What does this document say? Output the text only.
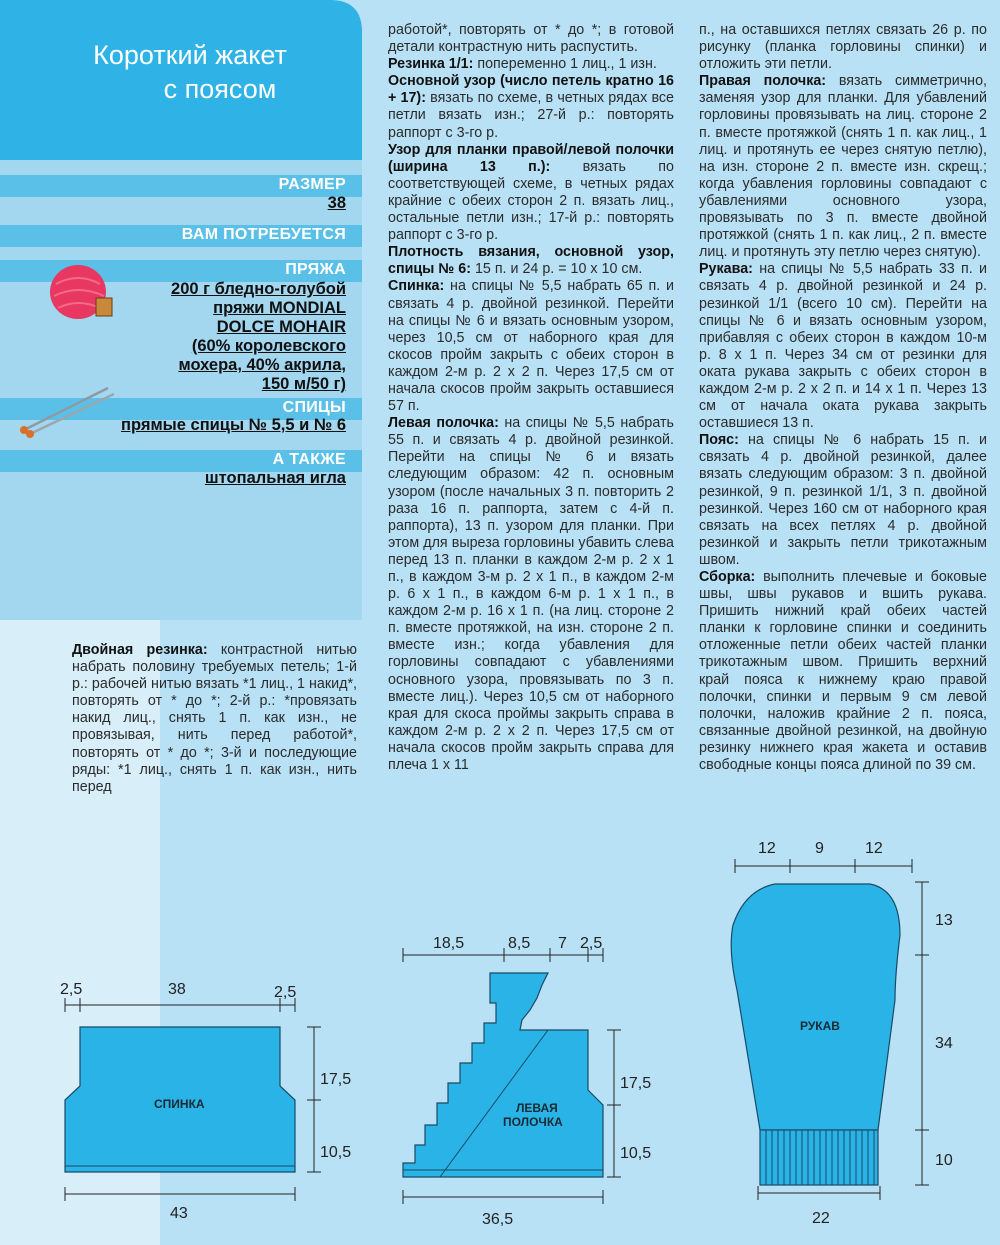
Короткий жакет
с поясом
РАЗМЕР
38
ВАМ ПОТРЕБУЕТСЯ
ПРЯЖА
200 г бледно-голубой
пряжи MONDIAL
DOLCE MOHAIR
(60% королевского
мохера, 40% акрила,
150 м/50 г)
СПИЦЫ
прямые спицы № 5,5 и № 6
А ТАКЖЕ
штопальная игла

Двойная резинка: контрастной нитью набрать половину требуемых петель; 1-й р.: рабочей нитью вязать *1 лиц., 1 накид*, повторять от * до *; 2-й р.: *провязать накид лиц., снять 1 п. как изн., не провязывая, нить перед работой*, повторять от * до *; 3-й и последующие ряды: *1 лиц., снять 1 п. как изн., нить перед

работой*, повторять от * до *; в готовой детали контрастную нить распустить.

Резинка 1/1: попеременно 1 лиц., 1 изн.

Основной узор (число петель кратно 16 + 17): вязать по схеме, в четных рядах все петли вязать изн.; 27-й р.: повторять раппорт с 3-го р.

Узор для планки правой/левой полочки (ширина 13 п.): вязать по соответствующей схеме, в четных рядах крайние с обеих сторон 2 п. вязать лиц., остальные петли изн.; 17-й р.: повторять раппорт с 3-го р.

Плотность вязания, основной узор, спицы № 6: 15 п. и 24 р. = 10 x 10 см.

Спинка: на спицы № 5,5 набрать 65 п. и связать 4 р. двойной резинкой. Перейти на спицы № 6 и вязать основным узором, через 10,5 см от наборного края для скосов пройм закрыть с обеих сторон в каждом 2-м р. 2 x 2 п. Через 17,5 см от начала скосов пройм закрыть оставшиеся 57 п.

Левая полочка: на спицы № 5,5 набрать 55 п. и связать 4 р. двойной резинкой. Перейти на спицы № 6 и вязать следующим образом: 42 п. основным узором (после начальных 3 п. повторить 2 раза 16 п. раппорта, затем с 4-й п. раппорта), 13 п. узором для планки. При этом для выреза горловины убавить слева перед 13 п. планки в каждом 2-м р. 2 x 1 п., в каждом 3-м р. 2 x 1 п., в каждом 2-м р. 6 x 1 п., в каждом 6-м р. 1 x 1 п., в каждом 2-м р. 16 x 1 п. (на лиц. стороне 2 п. вместе протяжкой, на изн. стороне 2 п. вместе изн.; когда убавления для горловины совпадают с убавлениями основного узора, провязывать по 3 п. вместе лиц.). Через 10,5 см от наборного края для скоса проймы закрыть справа в каждом 2-м р. 2 x 2 п. Через 17,5 см от начала скосов пройм закрыть справа для плеча 1 x 11

п., на оставшихся петлях связать 26 р. по рисунку (планка горловины спинки) и отложить эти петли.

Правая полочка: вязать симметрично, заменяя узор для планки. Для убавлений горловины провязывать на лиц. стороне 2 п. вместе протяжкой (снять 1 п. как лиц., 1 лиц. и протянуть ее через снятую петлю), на изн. стороне 2 п. вместе изн. скрещ.; когда убавления горловины совпадают с убавлениями основного узора, провязывать по 3 п. вместе двойной протяжкой (снять 1 п. как лиц., 2 п. вместе лиц. и протянуть эту петлю через снятую).

Рукава: на спицы № 5,5 набрать 33 п. и связать 4 р. двойной резинкой и 24 р. резинкой 1/1 (всего 10 см). Перейти на спицы № 6 и вязать основным узором, прибавляя с обеих сторон в каждом 10-м р. 8 x 1 п. Через 34 см от резинки для оката рукава закрыть с обеих сторон в каждом 2-м р. 2 x 2 п. и 14 x 1 п. Через 13 см от начала оката рукава закрыть оставшиеся 13 п.

Пояс: на спицы № 6 набрать 15 п. и связать 4 р. двойной резинкой, далее вязать следующим образом: 3 п. двойной резинкой, 9 п. резинкой 1/1, 3 п. двойной резинкой. Через 160 см от наборного края связать на всех петлях 4 р. двойной резинкой и закрыть петли трикотажным швом.

Сборка: выполнить плечевые и боковые швы, швы рукавов и вшить рукава. Пришить нижний край обеих частей планки к горловине спинки и соединить отложенные петли обеих частей планки трикотажным швом. Пришить верхний край пояса к нижнему краю правой полочки, спинки и первым 9 см левой полочки, наложив крайние 2 п. пояса, связанные двойной резинкой, на двойную резинку нижнего края жакета и оставив свободные концы пояса длиной по 39 см.

2,5	38	2,5
17,5
10,5
43
18,5	8,5 7 2,5
17,5
10,5
36,5
12 9	12
13
34
10
22
СПИНКА	ЛЕВАЯ
ПОЛОЧКА
РУКАВ
